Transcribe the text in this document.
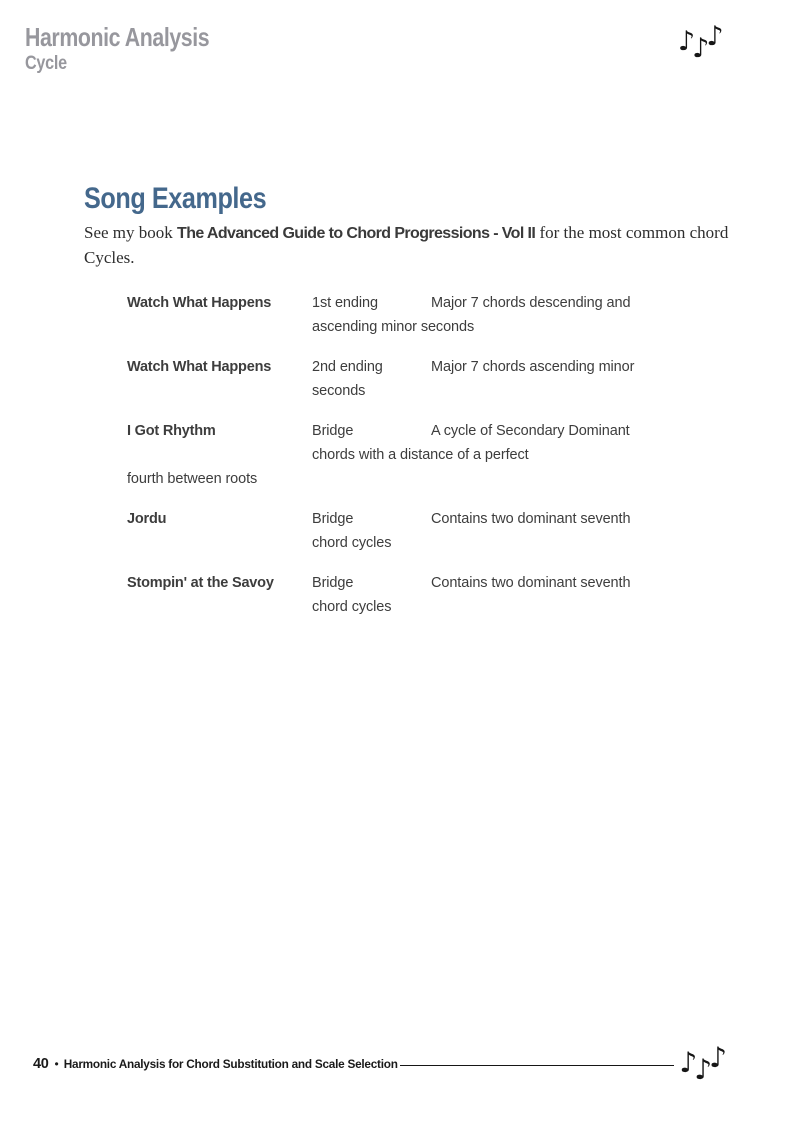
Harmonic Analysis
Cycle
♪♪♪
Song Examples

See my book The Advanced Guide to Chord Progressions - Vol II for the most common chord
Cycles.

Watch What Happens	1st ending	Major 7 chords descending and
ascending minor seconds
Watch What Happens	2nd ending	Major 7 chords ascending minor
seconds
I Got Rhythm	Bridge	A cycle of Secondary Dominant
chords with a distance of a perfect
fourth between roots
Jordu	Bridge	Contains two dominant seventh
chord cycles
Stompin' at the Savoy	Bridge	Contains two dominant seventh
chord cycles
40 • Harmonic Analysis for Chord Substitution and Scale Selection	♪♪♪
